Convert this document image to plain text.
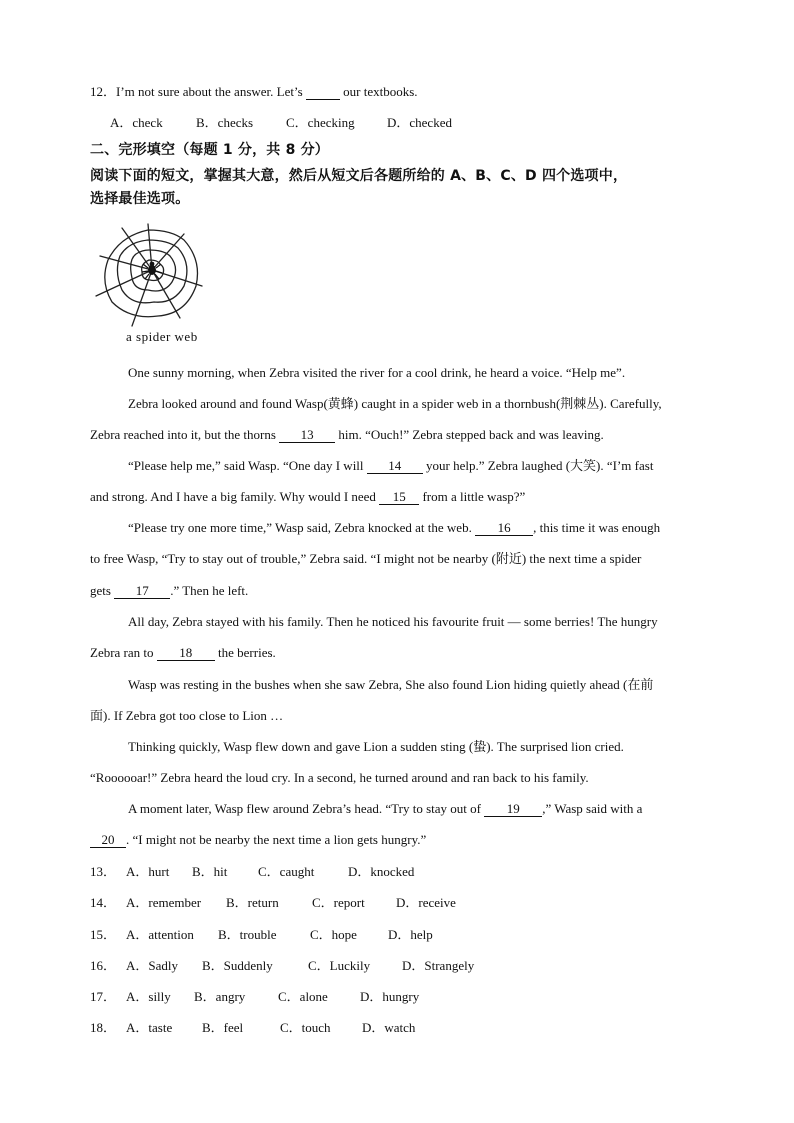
12．I’m not sure about the answer. Let’s	our textbooks.
A．check	B．checks	C．checking D．checked
二、完形填空（每题 1 分，共 8 分）
阅读下面的短文，掌握其大意，然后从短文后各题所给的 A、B、C、D 四个选项中，
选择最佳选项。
a spider web
One sunny morning, when Zebra visited the river for a cool drink, he heard a voice. “Help me”.
Zebra looked around and found Wasp(黄蜂) caught in a spider web in a thornbush(荆棘丛). Carefully,
Zebra reached into it, but the thorns 13 him. “Ouch!” Zebra stepped back and was leaving.
“Please help me,” said Wasp. “One day I will 14 your help.” Zebra laughed (大笑). “I’m fast
and strong. And I have a big family. Why would I need 15 from a little wasp?”
“Please try one more time,” Wasp said, Zebra knocked at the web. 16 , this time it was enough
to free Wasp, “Try to stay out of trouble,” Zebra said. “I might not be nearby (附近) the next time a spider
gets 17 .” Then he left.
All day, Zebra stayed with his family. Then he noticed his favourite fruit — some berries! The hungry
Zebra ran to 18 the berries.
Wasp was resting in the bushes when she saw Zebra, She also found Lion hiding quietly ahead (在前
面). If Zebra got too close to Lion …
Thinking quickly, Wasp flew down and gave Lion a sudden sting (蛰). The surprised lion cried.
“Roooooar!” Zebra heard the loud cry. In a second, he turned around and ran back to his family.
A moment later, Wasp flew around Zebra’s head. “Try to stay out of 19 ,” Wasp said with a
20 . “I might not be nearby the next time a lion gets hungry.”
13． A．hurt B．hit C．caught	D．knocked
14． A．remember B．return	C．report D．receive
15． A．attention B．trouble	C．hope D．help
16． A．Sadly B．Suddenly	C．Luckily D．Strangely
17． A．silly B．angry	C．alone D．hungry
18． A．taste B．feel	C．touch D．watch
